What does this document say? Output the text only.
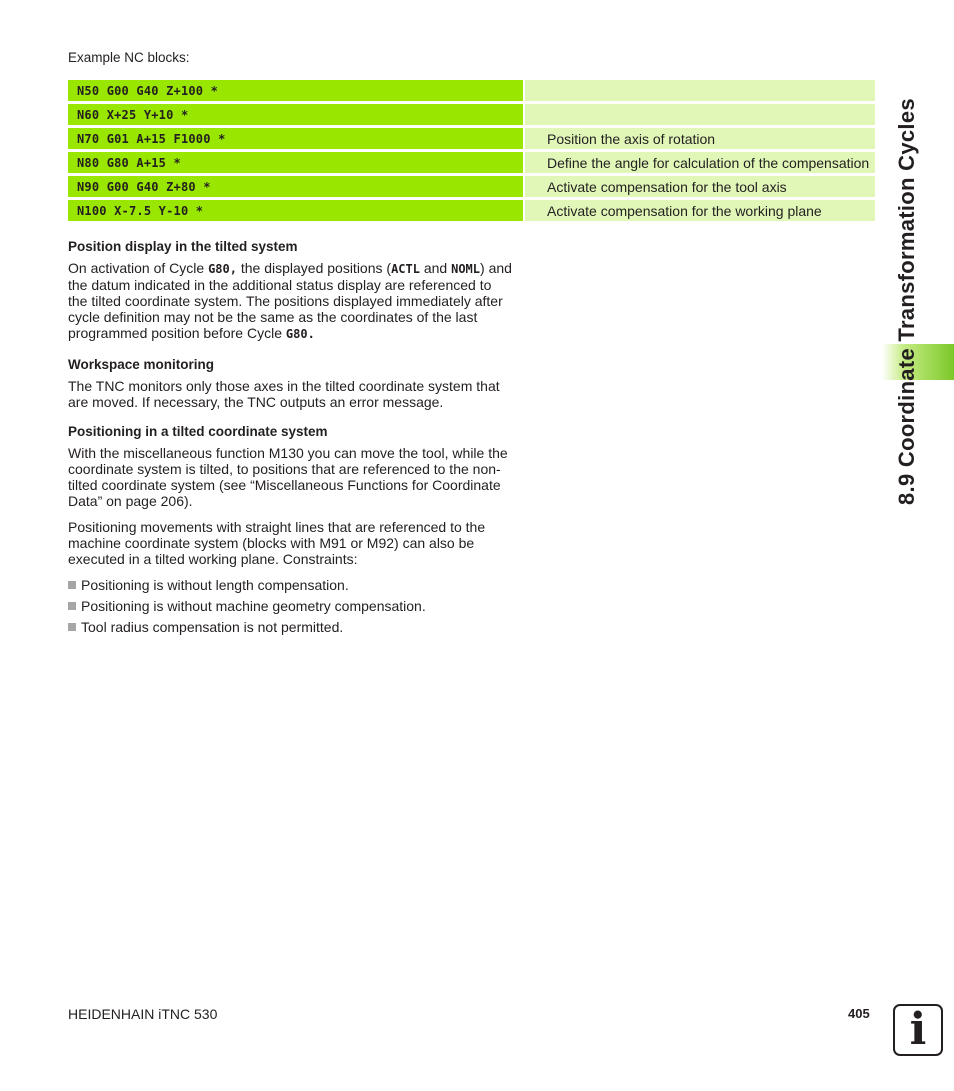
Example NC blocks:
N50 G00 G40 Z+100 *		
N60 X+25 Y+10 *		
N70 G01 A+15 F1000 *		Position the axis of rotation
N80 G80 A+15 *		Define the angle for calculation of the compensation
N90 G00 G40 Z+80 *		Activate compensation for the tool axis
N100 X-7.5 Y-10 *		Activate compensation for the working plane
Position display in the tilted system

On activation of Cycle G80, the displayed positions (ACTL and NOML) and the datum indicated in the additional status display are referenced to the tilted coordinate system. The positions displayed immediately after cycle definition may not be the same as the coordinates of the last programmed position before Cycle G80.

Workspace monitoring

The TNC monitors only those axes in the tilted coordinate system that are moved. If necessary, the TNC outputs an error message.

Positioning in a tilted coordinate system

With the miscellaneous function M130 you can move the tool, while the coordinate system is tilted, to positions that are referenced to the non-tilted coordinate system (see “Miscellaneous Functions for Coordinate Data” on page 206).

Positioning movements with straight lines that are referenced to the machine coordinate system (blocks with M91 or M92) can also be executed in a tilted working plane. Constraints:

Positioning is without length compensation.
Positioning is without machine geometry compensation.
Tool radius compensation is not permitted.
8.9 Coordinate Transformation Cycles
HEIDENHAIN iTNC 530	405 i
